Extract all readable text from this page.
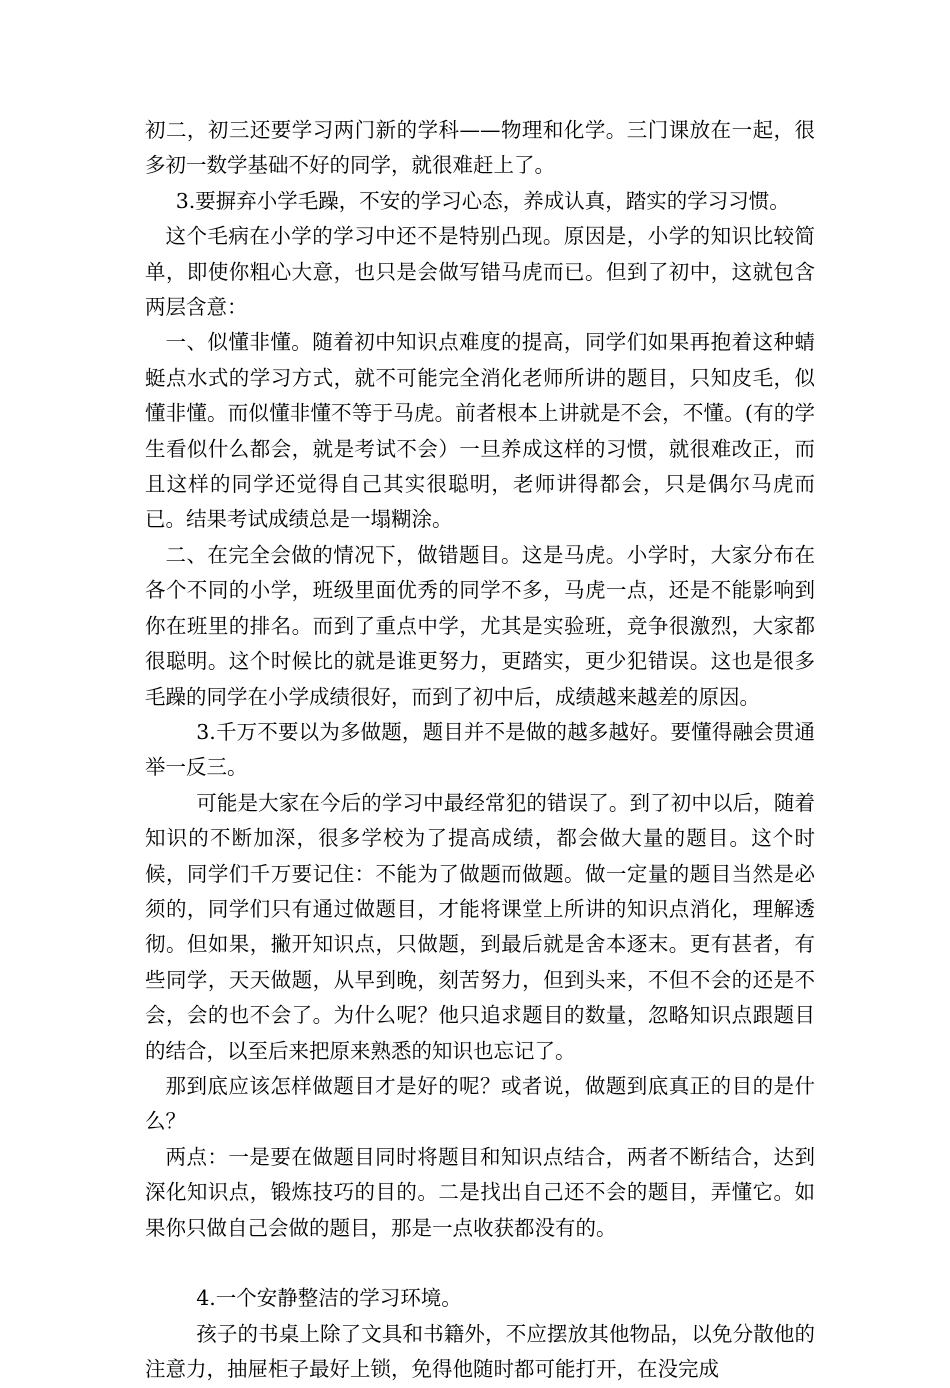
初二，初三还要学习两门新的学科——物理和化学。三门课放在一起，很多初一数学基础不好的同学，就很难赶上了。

3.要摒弃小学毛躁，不安的学习心态，养成认真，踏实的学习习惯。

这个毛病在小学的学习中还不是特别凸现。原因是，小学的知识比较简单，即使你粗心大意，也只是会做写错马虎而已。但到了初中，这就包含两层含意：

一、似懂非懂。随着初中知识点难度的提高，同学们如果再抱着这种蜻蜓点水式的学习方式，就不可能完全消化老师所讲的题目，只知皮毛，似懂非懂。而似懂非懂不等于马虎。前者根本上讲就是不会，不懂。(有的学生看似什么都会，就是考试不会）一旦养成这样的习惯，就很难改正，而且这样的同学还觉得自己其实很聪明，老师讲得都会，只是偶尔马虎而已。结果考试成绩总是一塌糊涂。

二、在完全会做的情况下，做错题目。这是马虎。小学时，大家分布在各个不同的小学，班级里面优秀的同学不多，马虎一点，还是不能影响到你在班里的排名。而到了重点中学，尤其是实验班，竞争很激烈，大家都很聪明。这个时候比的就是谁更努力，更踏实，更少犯错误。这也是很多毛躁的同学在小学成绩很好，而到了初中后，成绩越来越差的原因。

3.千万不要以为多做题，题目并不是做的越多越好。要懂得融会贯通举一反三。

可能是大家在今后的学习中最经常犯的错误了。到了初中以后，随着知识的不断加深，很多学校为了提高成绩，都会做大量的题目。这个时候，同学们千万要记住：不能为了做题而做题。做一定量的题目当然是必须的，同学们只有通过做题目，才能将课堂上所讲的知识点消化，理解透彻。但如果，撇开知识点，只做题，到最后就是舍本逐末。更有甚者，有些同学，天天做题，从早到晚，刻苦努力，但到头来，不但不会的还是不会，会的也不会了。为什么呢？他只追求题目的数量，忽略知识点跟题目的结合，以至后来把原来熟悉的知识也忘记了。

那到底应该怎样做题目才是好的呢？或者说，做题到底真正的目的是什么？

两点：一是要在做题目同时将题目和知识点结合，两者不断结合，达到深化知识点，锻炼技巧的目的。二是找出自己还不会的题目，弄懂它。如果你只做自己会做的题目，那是一点收获都没有的。

4.一个安静整洁的学习环境。

孩子的书桌上除了文具和书籍外，不应摆放其他物品，以免分散他的注意力，抽屉柜子最好上锁，免得他随时都可能打开，在没完成
